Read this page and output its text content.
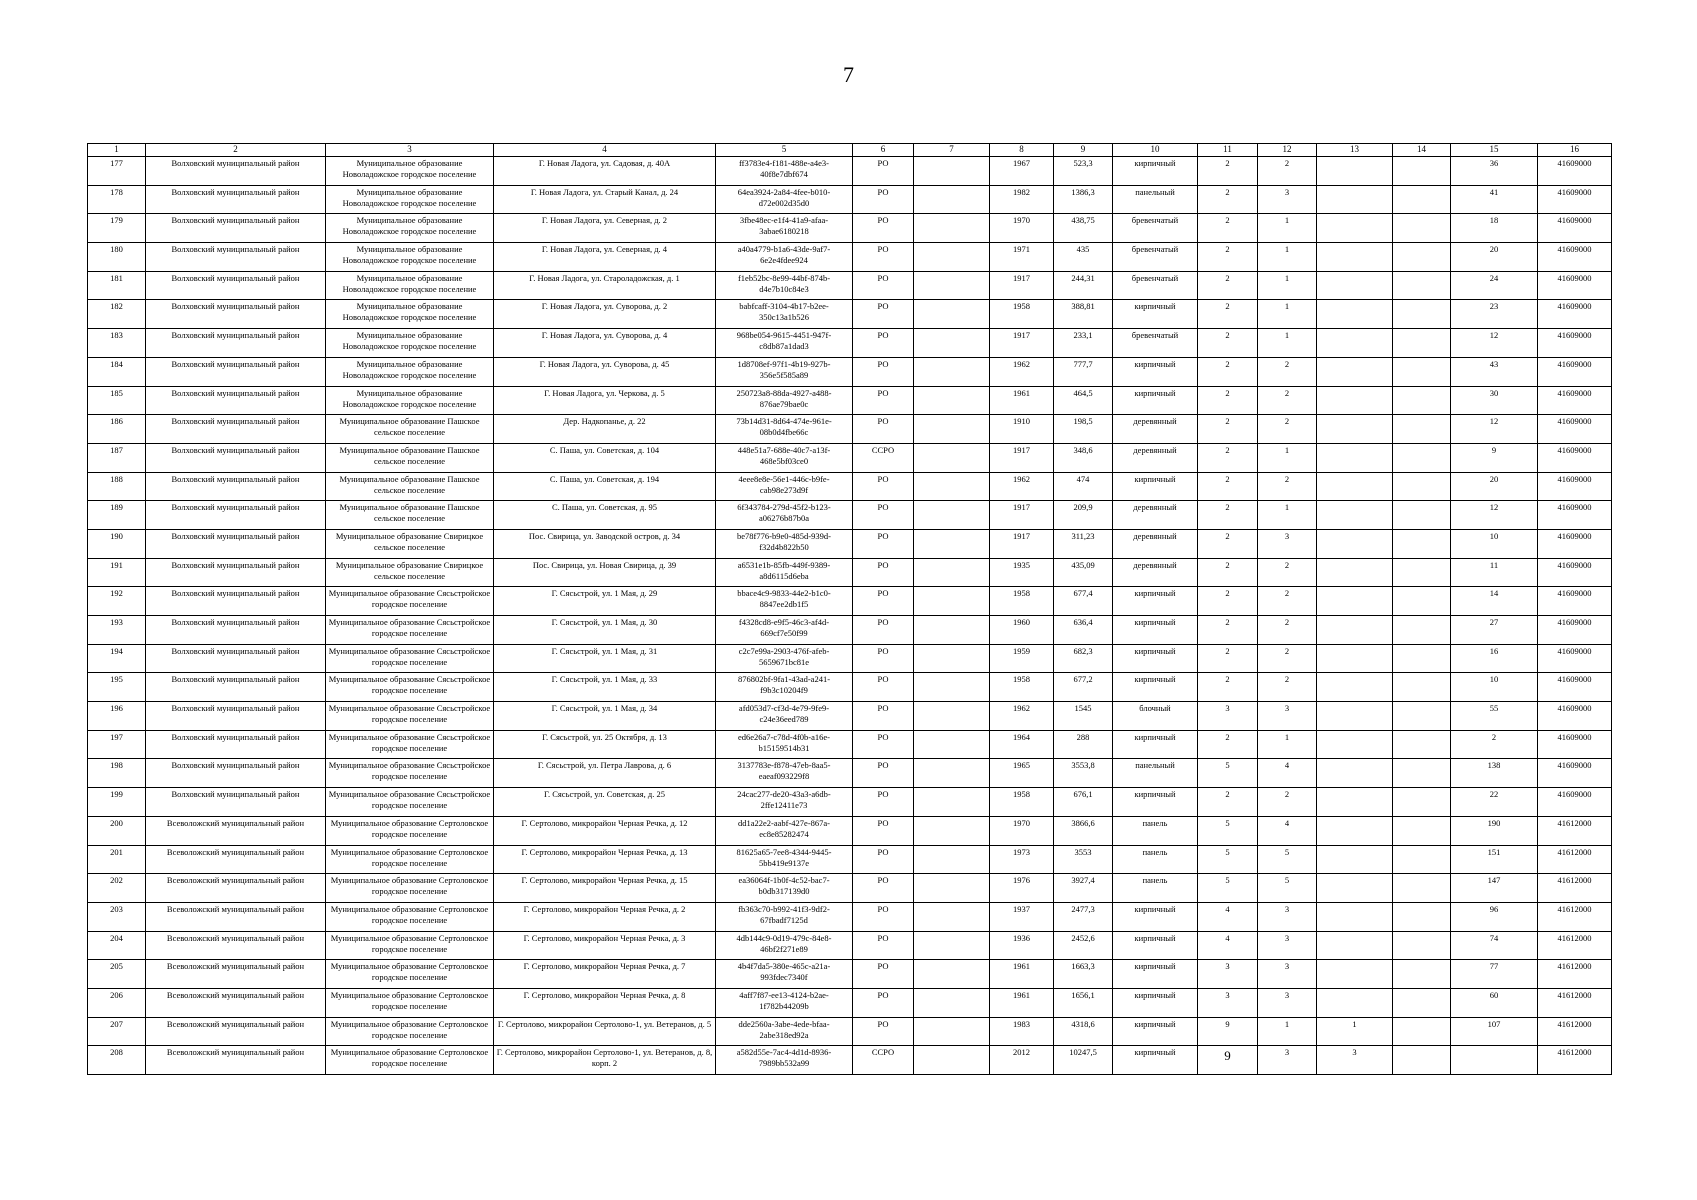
7
1	2	3	4	5	6	7	8	9	10	11	12	13	14	15	16
177	Волховский муниципальный район	Муниципальное образование Новоладожское городское поселение	Г. Новая Ладога, ул. Садовая, д. 40А	ff3783e4-f181-488e-a4e3-40f8e7dbf674	РО		1967	523,3	кирпичный	2	2			36	41609000
178	Волховский муниципальный район	Муниципальное образование Новоладожское городское поселение	Г. Новая Ладога, ул. Старый Канал, д. 24	64ea3924-2a84-4fee-b010-d72e002d35d0	РО		1982	1386,3	панельный	2	3			41	41609000
179	Волховский муниципальный район	Муниципальное образование Новоладожское городское поселение	Г. Новая Ладога, ул. Северная, д. 2	3fbe48ec-e1f4-41a9-afaa-3abae6180218	РО		1970	438,75	бревенчатый	2	1			18	41609000
180	Волховский муниципальный район	Муниципальное образование Новоладожское городское поселение	Г. Новая Ладога, ул. Северная, д. 4	a40a4779-b1a6-43de-9af7-6e2e4fdee924	РО		1971	435	бревенчатый	2	1			20	41609000
181	Волховский муниципальный район	Муниципальное образование Новоладожское городское поселение	Г. Новая Ладога, ул. Староладожская, д. 1	f1eb52bc-8e99-44bf-874b-d4e7b10c84e3	РО		1917	244,31	бревенчатый	2	1			24	41609000
182	Волховский муниципальный район	Муниципальное образование Новоладожское городское поселение	Г. Новая Ладога, ул. Суворова, д. 2	babfcaff-3104-4b17-b2ee-350c13a1b526	РО		1958	388,81	кирпичный	2	1			23	41609000
183	Волховский муниципальный район	Муниципальное образование Новоладожское городское поселение	Г. Новая Ладога, ул. Суворова, д. 4	968be054-9615-4451-947f-c8db87a1dad3	РО		1917	233,1	бревенчатый	2	1			12	41609000
184	Волховский муниципальный район	Муниципальное образование Новоладожское городское поселение	Г. Новая Ладога, ул. Суворова, д. 45	1d8708ef-97f1-4b19-927b-356e5f585a89	РО		1962	777,7	кирпичный	2	2			43	41609000
185	Волховский муниципальный район	Муниципальное образование Новоладожское городское поселение	Г. Новая Ладога, ул. Черкова, д. 5	250723a8-88da-4927-a488-876ae79bae0c	РО		1961	464,5	кирпичный	2	2			30	41609000
186	Волховский муниципальный район	Муниципальное образование Пашское сельское поселение	Дер. Надкопанье, д. 22	73b14d31-8d64-474e-961e-08b0d4fbe66c	РО		1910	198,5	деревянный	2	2			12	41609000
187	Волховский муниципальный район	Муниципальное образование Пашское сельское поселение	С. Паша, ул. Советская, д. 104	448e51a7-688e-40c7-a13f-468e5bf03ce0	ССРО		1917	348,6	деревянный	2	1			9	41609000
188	Волховский муниципальный район	Муниципальное образование Пашское сельское поселение	С. Паша, ул. Советская, д. 194	4eee8e8e-56e1-446c-b9fe-cab98e273d9f	РО		1962	474	кирпичный	2	2			20	41609000
189	Волховский муниципальный район	Муниципальное образование Пашское сельское поселение	С. Паша, ул. Советская, д. 95	6f343784-279d-45f2-b123-a06276b87b0a	РО		1917	209,9	деревянный	2	1			12	41609000
190	Волховский муниципальный район	Муниципальное образование Свирицкое сельское поселение	Пос. Свирица, ул. Заводской остров, д. 34	be78f776-b9e0-485d-939d-f32d4b822b50	РО		1917	311,23	деревянный	2	3			10	41609000
191	Волховский муниципальный район	Муниципальное образование Свирицкое сельское поселение	Пос. Свирица, ул. Новая Свирица, д. 39	a6531e1b-85fb-449f-9389-a8d6115d6eba	РО		1935	435,09	деревянный	2	2			11	41609000
192	Волховский муниципальный район	Муниципальное образование Сясьстройское городское поселение	Г. Сясьстрой, ул. 1 Мая, д. 29	bbace4c9-9833-44e2-b1c0-8847ee2db1f5	РО		1958	677,4	кирпичный	2	2			14	41609000
193	Волховский муниципальный район	Муниципальное образование Сясьстройское городское поселение	Г. Сясьстрой, ул. 1 Мая, д. 30	f4328cd8-e9f5-46c3-af4d-669cf7e50f99	РО		1960	636,4	кирпичный	2	2			27	41609000
194	Волховский муниципальный район	Муниципальное образование Сясьстройское городское поселение	Г. Сясьстрой, ул. 1 Мая, д. 31	c2c7e99a-2903-476f-afeb-5659671bc81e	РО		1959	682,3	кирпичный	2	2			16	41609000
195	Волховский муниципальный район	Муниципальное образование Сясьстройское городское поселение	Г. Сясьстрой, ул. 1 Мая, д. 33	876802bf-9fa1-43ad-a241-f9b3c10204f9	РО		1958	677,2	кирпичный	2	2			10	41609000
196	Волховский муниципальный район	Муниципальное образование Сясьстройское городское поселение	Г. Сясьстрой, ул. 1 Мая, д. 34	afd053d7-cf3d-4e79-9fe9-c24e36eed789	РО		1962	1545	блочный	3	3			55	41609000
197	Волховский муниципальный район	Муниципальное образование Сясьстройское городское поселение	Г. Сясьстрой, ул. 25 Октября, д. 13	ed6e26a7-c78d-4f0b-a16e-b15159514b31	РО		1964	288	кирпичный	2	1			2	41609000
198	Волховский муниципальный район	Муниципальное образование Сясьстройское городское поселение	Г. Сясьстрой, ул. Петра Лаврова, д. 6	3137783e-f878-47eb-8aa5-eaeaf093229f8	РО		1965	3553,8	панельный	5	4			138	41609000
199	Волховский муниципальный район	Муниципальное образование Сясьстройское городское поселение	Г. Сясьстрой, ул. Советская, д. 25	24cac277-de20-43a3-a6db-2ffe12411e73	РО		1958	676,1	кирпичный	2	2			22	41609000
200	Всеволожский муниципальный район	Муниципальное образование Сертоловское городское поселение	Г. Сертолово, микрорайон Черная Речка, д. 12	dd1a22e2-aabf-427e-867a-ec8e85282474	РО		1970	3866,6	панель	5	4			190	41612000
201	Всеволожский муниципальный район	Муниципальное образование Сертоловское городское поселение	Г. Сертолово, микрорайон Черная Речка, д. 13	81625a65-7ee8-4344-9445-5bb419e9137e	РО		1973	3553	панель	5	5			151	41612000
202	Всеволожский муниципальный район	Муниципальное образование Сертоловское городское поселение	Г. Сертолово, микрорайон Черная Речка, д. 15	ea36064f-1b0f-4c52-bac7-b0db317139d0	РО		1976	3927,4	панель	5	5			147	41612000
203	Всеволожский муниципальный район	Муниципальное образование Сертоловское городское поселение	Г. Сертолово, микрорайон Черная Речка, д. 2	fb363c70-b992-41f3-9df2-67fbadf7125d	РО		1937	2477,3	кирпичный	4	3			96	41612000
204	Всеволожский муниципальный район	Муниципальное образование Сертоловское городское поселение	Г. Сертолово, микрорайон Черная Речка, д. 3	4db144c9-0d19-479c-84e8-46bf2f271e89	РО		1936	2452,6	кирпичный	4	3			74	41612000
205	Всеволожский муниципальный район	Муниципальное образование Сертоловское городское поселение	Г. Сертолово, микрорайон Черная Речка, д. 7	4b4f7da5-380e-465c-a21a-993fdec7340f	РО		1961	1663,3	кирпичный	3	3			77	41612000
206	Всеволожский муниципальный район	Муниципальное образование Сертоловское городское поселение	Г. Сертолово, микрорайон Черная Речка, д. 8	4aff7f87-ee13-4124-b2ae-1f782b44209b	РО		1961	1656,1	кирпичный	3	3			60	41612000
207	Всеволожский муниципальный район	Муниципальное образование Сертоловское городское поселение	Г. Сертолово, микрорайон Сертолово-1, ул. Ветеранов, д. 5	dde2560a-3abe-4ede-bfaa-2abe318ed92a	РО		1983	4318,6	кирпичный	9	1	1		107	41612000
208	Всеволожский муниципальный район	Муниципальное образование Сертоловское городское поселение	Г. Сертолово, микрорайон Сертолово-1, ул. Ветеранов, д. 8, корп. 2	a582d55e-7ac4-4d1d-8936-7989bb532a99	ССРО		2012	10247,5	кирпичный	9	3	3			41612000
